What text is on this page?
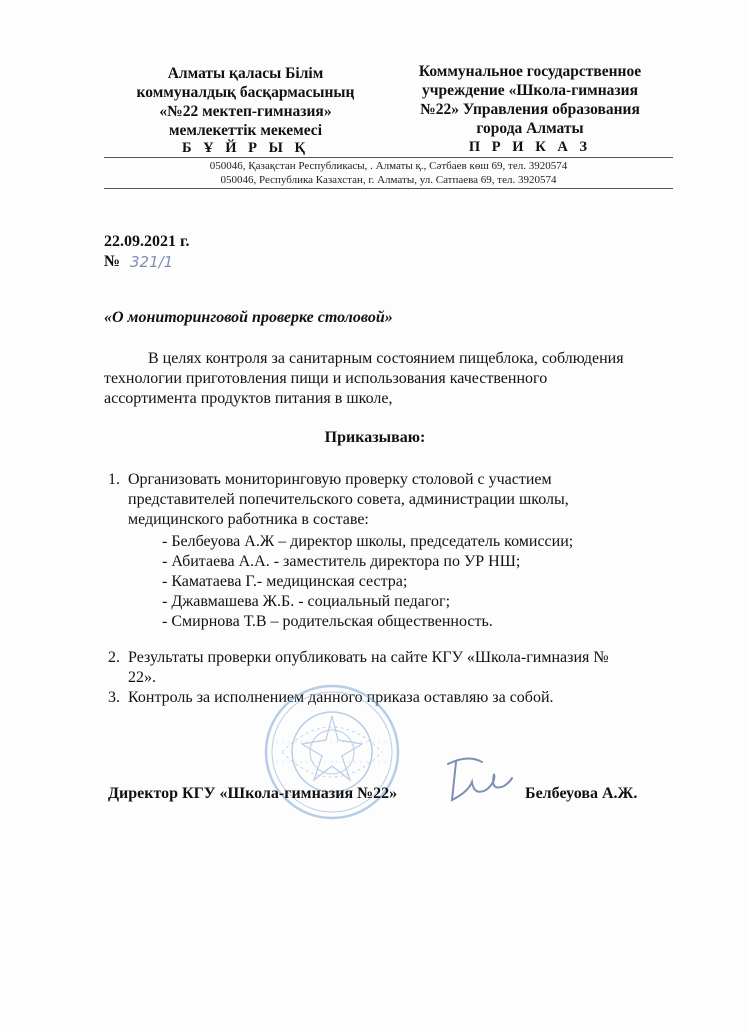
Алматы қаласы Білім
коммуналдық басқармасының
«№22 мектеп-гимназия»
мемлекеттік мекемесі
Б Ұ Й Р Ы Қ
Коммунальное государственное
учреждение «Школа-гимназия
№22» Управления образования
города Алматы
П Р И К А З
050046, Қазақстан Республикасы, . Алматы қ., Сәтбаев көш 69, тел. 3920574
050046, Республика Казахстан, г. Алматы, ул. Сатпаева 69, тел. 3920574
22.09.2021 г.
№ 321/1
«О мониторинговой проверке столовой»
В целях контроля за санитарным состоянием пищеблока, соблюдения
технологии приготовления пищи и использования качественного
ассортимента продуктов питания в школе,
Приказываю:
1. Организовать мониторинговую проверку столовой с участием
представителей попечительского совета, администрации школы,
медицинского работника в составе:
- Белбеуова А.Ж – директор школы, председатель комиссии;
- Абитаева А.А. - заместитель директора по УР НШ;
- Каматаева Г.- медицинская сестра;
- Джавмашева Ж.Б. - социальный педагог;
- Смирнова Т.В – родительская общественность.
2. Результаты проверки опубликовать на сайте КГУ «Школа-гимназия №
22».
3. Контроль за исполнением данного приказа оставляю за собой.
Директор КГУ «Школа-гимназия №22»	Белбеуова А.Ж.
